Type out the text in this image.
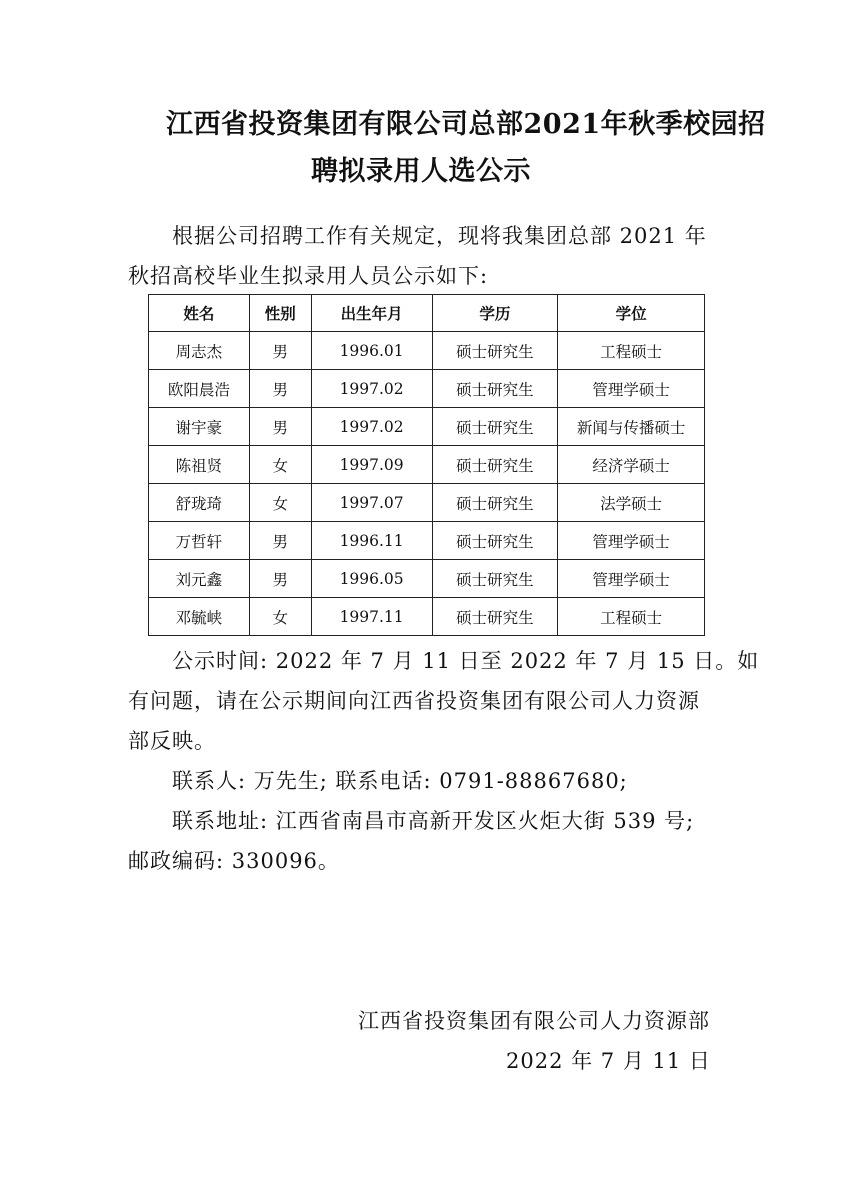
江西省投资集团有限公司总部2021年秋季校园招
聘拟录用人选公示
　　根据公司招聘工作有关规定，现将我集团总部 2021 年
秋招高校毕业生拟录用人员公示如下:
姓名	性别	出生年月	学历	学位
周志杰	男	1996.01	硕士研究生	工程硕士
欧阳晨浩	男	1997.02	硕士研究生	管理学硕士
谢宇豪	男	1997.02	硕士研究生	新闻与传播硕士
陈祖贤	女	1997.09	硕士研究生	经济学硕士
舒珑琦	女	1997.07	硕士研究生	法学硕士
万哲轩	男	1996.11	硕士研究生	管理学硕士
刘元鑫	男	1996.05	硕士研究生	管理学硕士
邓毓峡	女	1997.11	硕士研究生	工程硕士
　　公示时间: 2022 年 7 月 11 日至 2022 年 7 月 15 日。如
有问题，请在公示期间向江西省投资集团有限公司人力资源
部反映。
　　联系人: 万先生; 联系电话: 0791-88867680;
　　联系地址: 江西省南昌市高新开发区火炬大街 539 号;
邮政编码: 330096。
江西省投资集团有限公司人力资源部
2022 年 7 月 11 日
